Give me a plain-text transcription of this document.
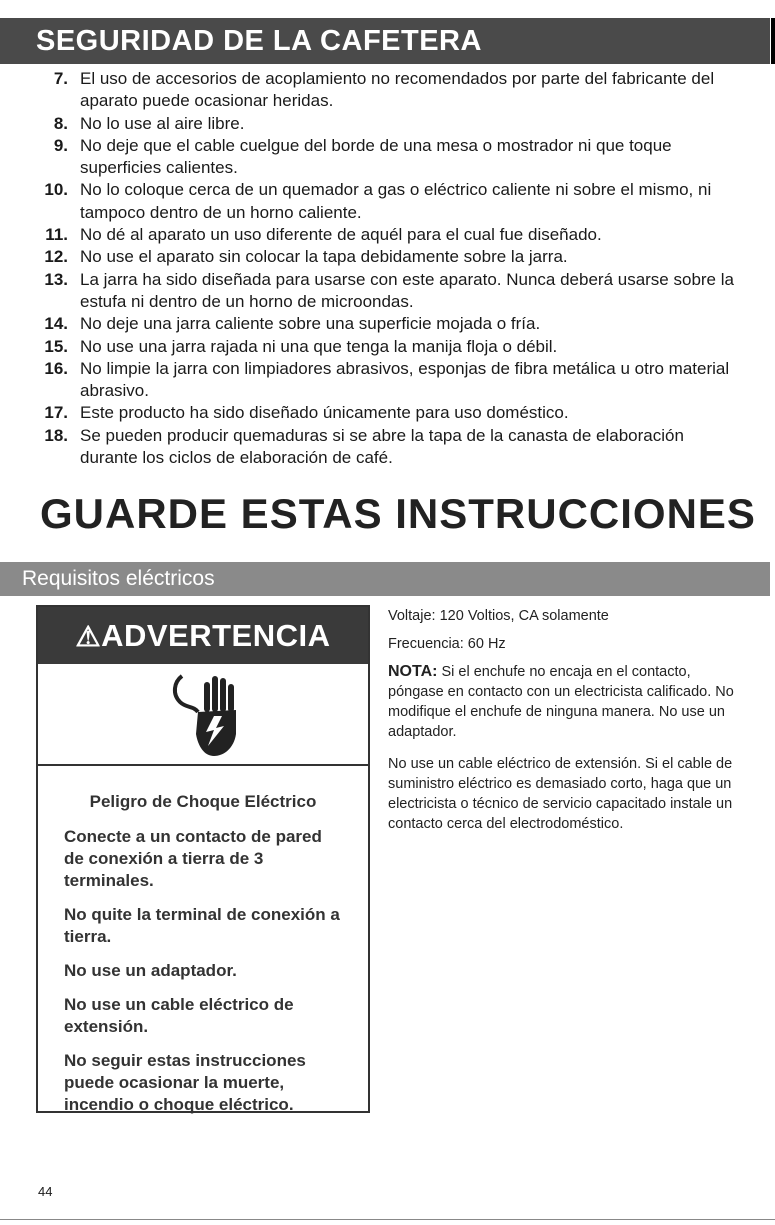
SEGURIDAD DE LA CAFETERA
7. El uso de accesorios de acoplamiento no recomendados por parte del fabricante del aparato puede ocasionar heridas.
8. No lo use al aire libre.
9. No deje que el cable cuelgue del borde de una mesa o mostrador ni que toque superficies calientes.
10. No lo coloque cerca de un quemador a gas o eléctrico caliente ni sobre el mismo, ni tampoco dentro de un horno caliente.
11. No dé al aparato un uso diferente de aquél para el cual fue diseñado.
12. No use el aparato sin colocar la tapa debidamente sobre la jarra.
13. La jarra ha sido diseñada para usarse con este aparato. Nunca deberá usarse sobre la estufa ni dentro de un horno de microondas.
14. No deje una jarra caliente sobre una superficie mojada o fría.
15. No use una jarra rajada ni una que tenga la manija floja o débil.
16. No limpie la jarra con limpiadores abrasivos, esponjas de fibra metálica u otro material abrasivo.
17. Este producto ha sido diseñado únicamente para uso doméstico.
18. Se pueden producir quemaduras si se abre la tapa de la canasta de elaboración durante los ciclos de elaboración de café.
GUARDE ESTAS INSTRUCCIONES
Requisitos eléctricos
⚠ADVERTENCIA
Peligro de Choque Eléctrico

Conecte a un contacto de pared de conexión a tierra de 3 terminales.

No quite la terminal de conexión a tierra.

No use un adaptador.

No use un cable eléctrico de extensión.

No seguir estas instrucciones puede ocasionar la muerte, incendio o choque eléctrico.

Voltaje: 120 Voltios, CA solamente

Frecuencia: 60 Hz

NOTA: Si el enchufe no encaja en el contacto, póngase en contacto con un electricista calificado. No modifique el enchufe de ninguna manera. No use un adaptador.

No use un cable eléctrico de extensión. Si el cable de suministro eléctrico es demasiado corto, haga que un electricista o técnico de servicio capacitado instale un contacto cerca del electrodoméstico.

44
